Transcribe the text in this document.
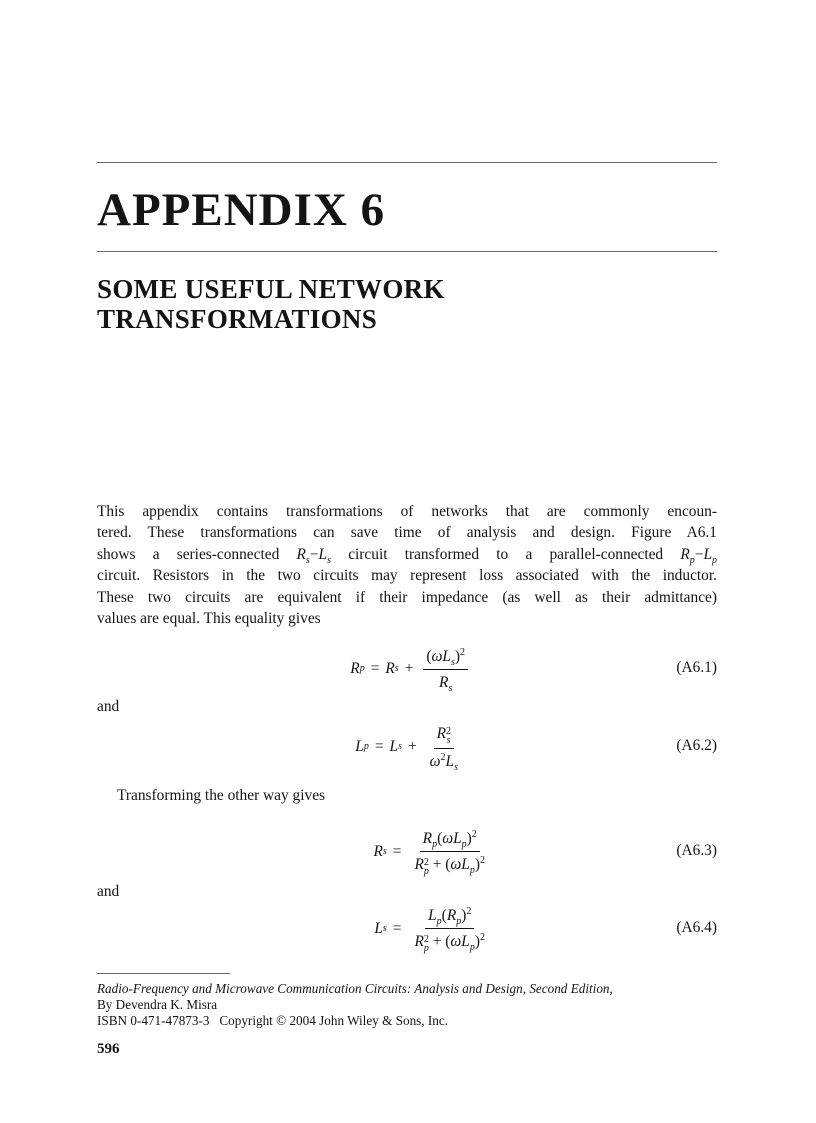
APPENDIX 6
SOME USEFUL NETWORK
TRANSFORMATIONS

This appendix contains transformations of networks that are commonly encoun-
tered. These transformations can save time of analysis and design. Figure A6.1
shows a series-connected $R_s-L_s$ circuit transformed to a parallel-connected $R_p-L_p$
circuit. Resistors in the two circuits may represent loss associated with the inductor.
These two circuits are equivalent if their impedance (as well as their admittance)
values are equal. This equality gives

R p = R $s + \frac{(\omega L_s)^2}{R_s}$	(A6.1)
and
L p = L s + R 2
s
$\omega^2L_s$	(A6.2)
Transforming the other way gives
R $s = R_p(\omega L_p)^2$
R 2
$p + (\omega L_p)^2$	(A6.3)
and
L $s = L_p(R_p)^2$
R 2
$p + (\omega L_p)^2$	(A6.4)
Radio-Frequency and Microwave Communication Circuits: Analysis and Design, Second Edition,
By Devendra K. Misra
ISBN 0-471-47873-3 Copyright © 2004 John Wiley & Sons, Inc.
596
